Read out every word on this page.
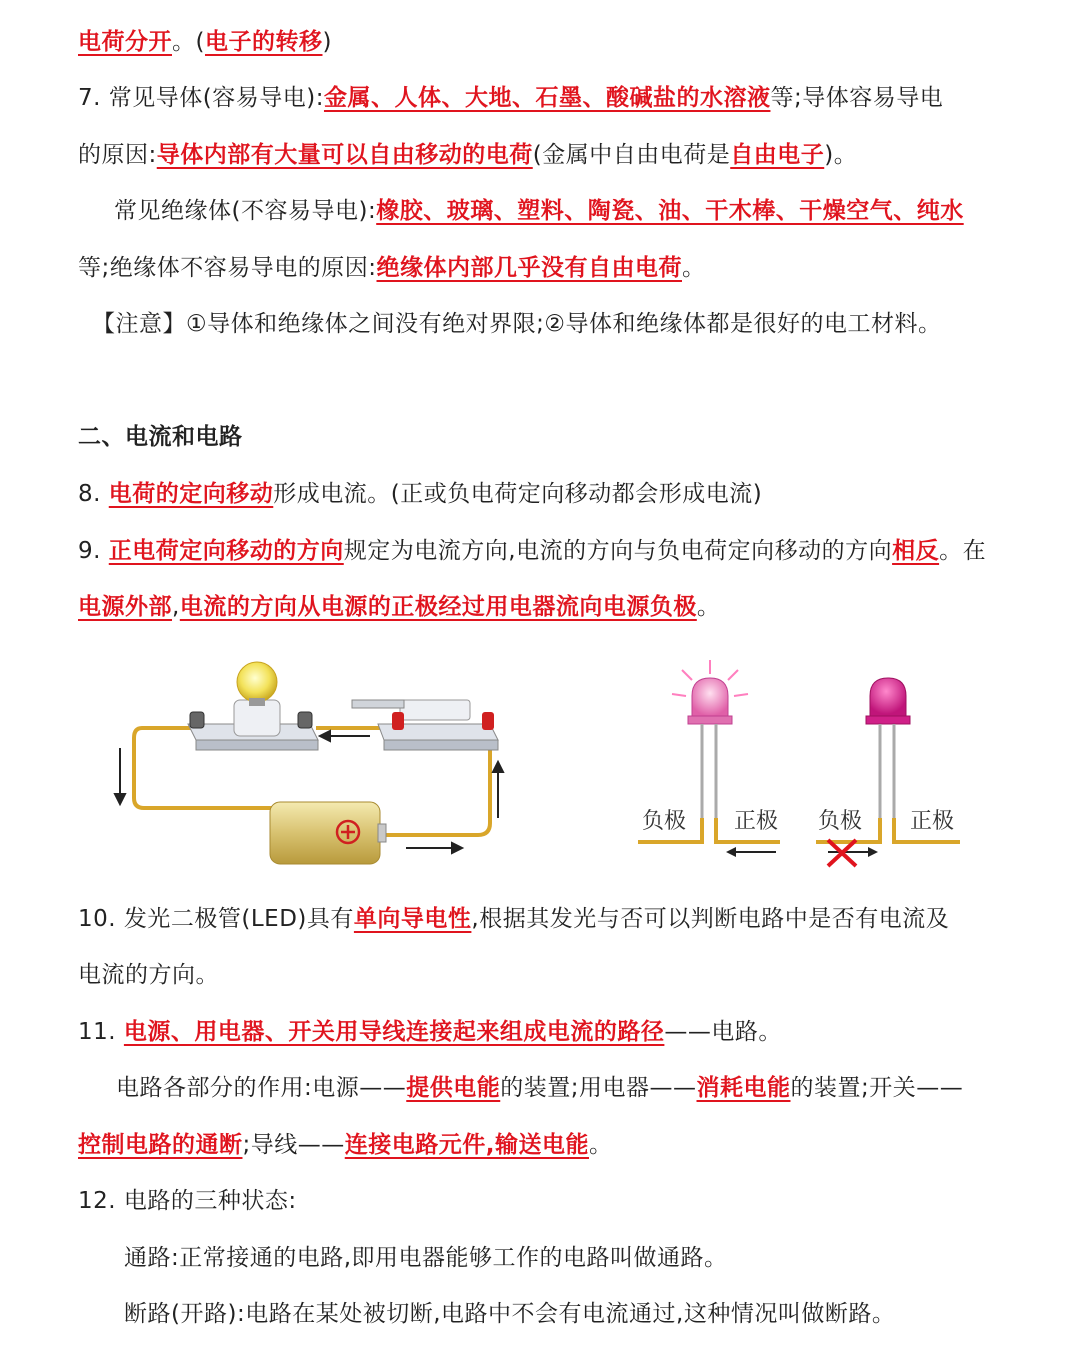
电荷分开。(电子的转移)
7. 常见导体(容易导电):金属、人体、大地、石墨、酸碱盐的水溶液等;导体容易导电
的原因:导体内部有大量可以自由移动的电荷(金属中自由电荷是自由电子)。
常见绝缘体(不容易导电):橡胶、玻璃、塑料、陶瓷、油、干木棒、干燥空气、纯水
等;绝缘体不容易导电的原因:绝缘体内部几乎没有自由电荷。
【注意】①导体和绝缘体之间没有绝对界限;②导体和绝缘体都是很好的电工材料。
二、电流和电路
8. 电荷的定向移动形成电流。(正或负电荷定向移动都会形成电流)
9. 正电荷定向移动的方向规定为电流方向,电流的方向与负电荷定向移动的方向相反。在
电源外部,电流的方向从电源的正极经过用电器流向电源负极。
负极 正极 负极 正极
10. 发光二极管(LED)具有单向导电性,根据其发光与否可以判断电路中是否有电流及
电流的方向。
11. 电源、用电器、开关用导线连接起来组成电流的路径——电路。
电路各部分的作用:电源——提供电能的装置;用电器——消耗电能的装置;开关——
控制电路的通断;导线——连接电路元件,输送电能。
12. 电路的三种状态:
通路:正常接通的电路,即用电器能够工作的电路叫做通路。
断路(开路):电路在某处被切断,电路中不会有电流通过,这种情况叫做断路。
